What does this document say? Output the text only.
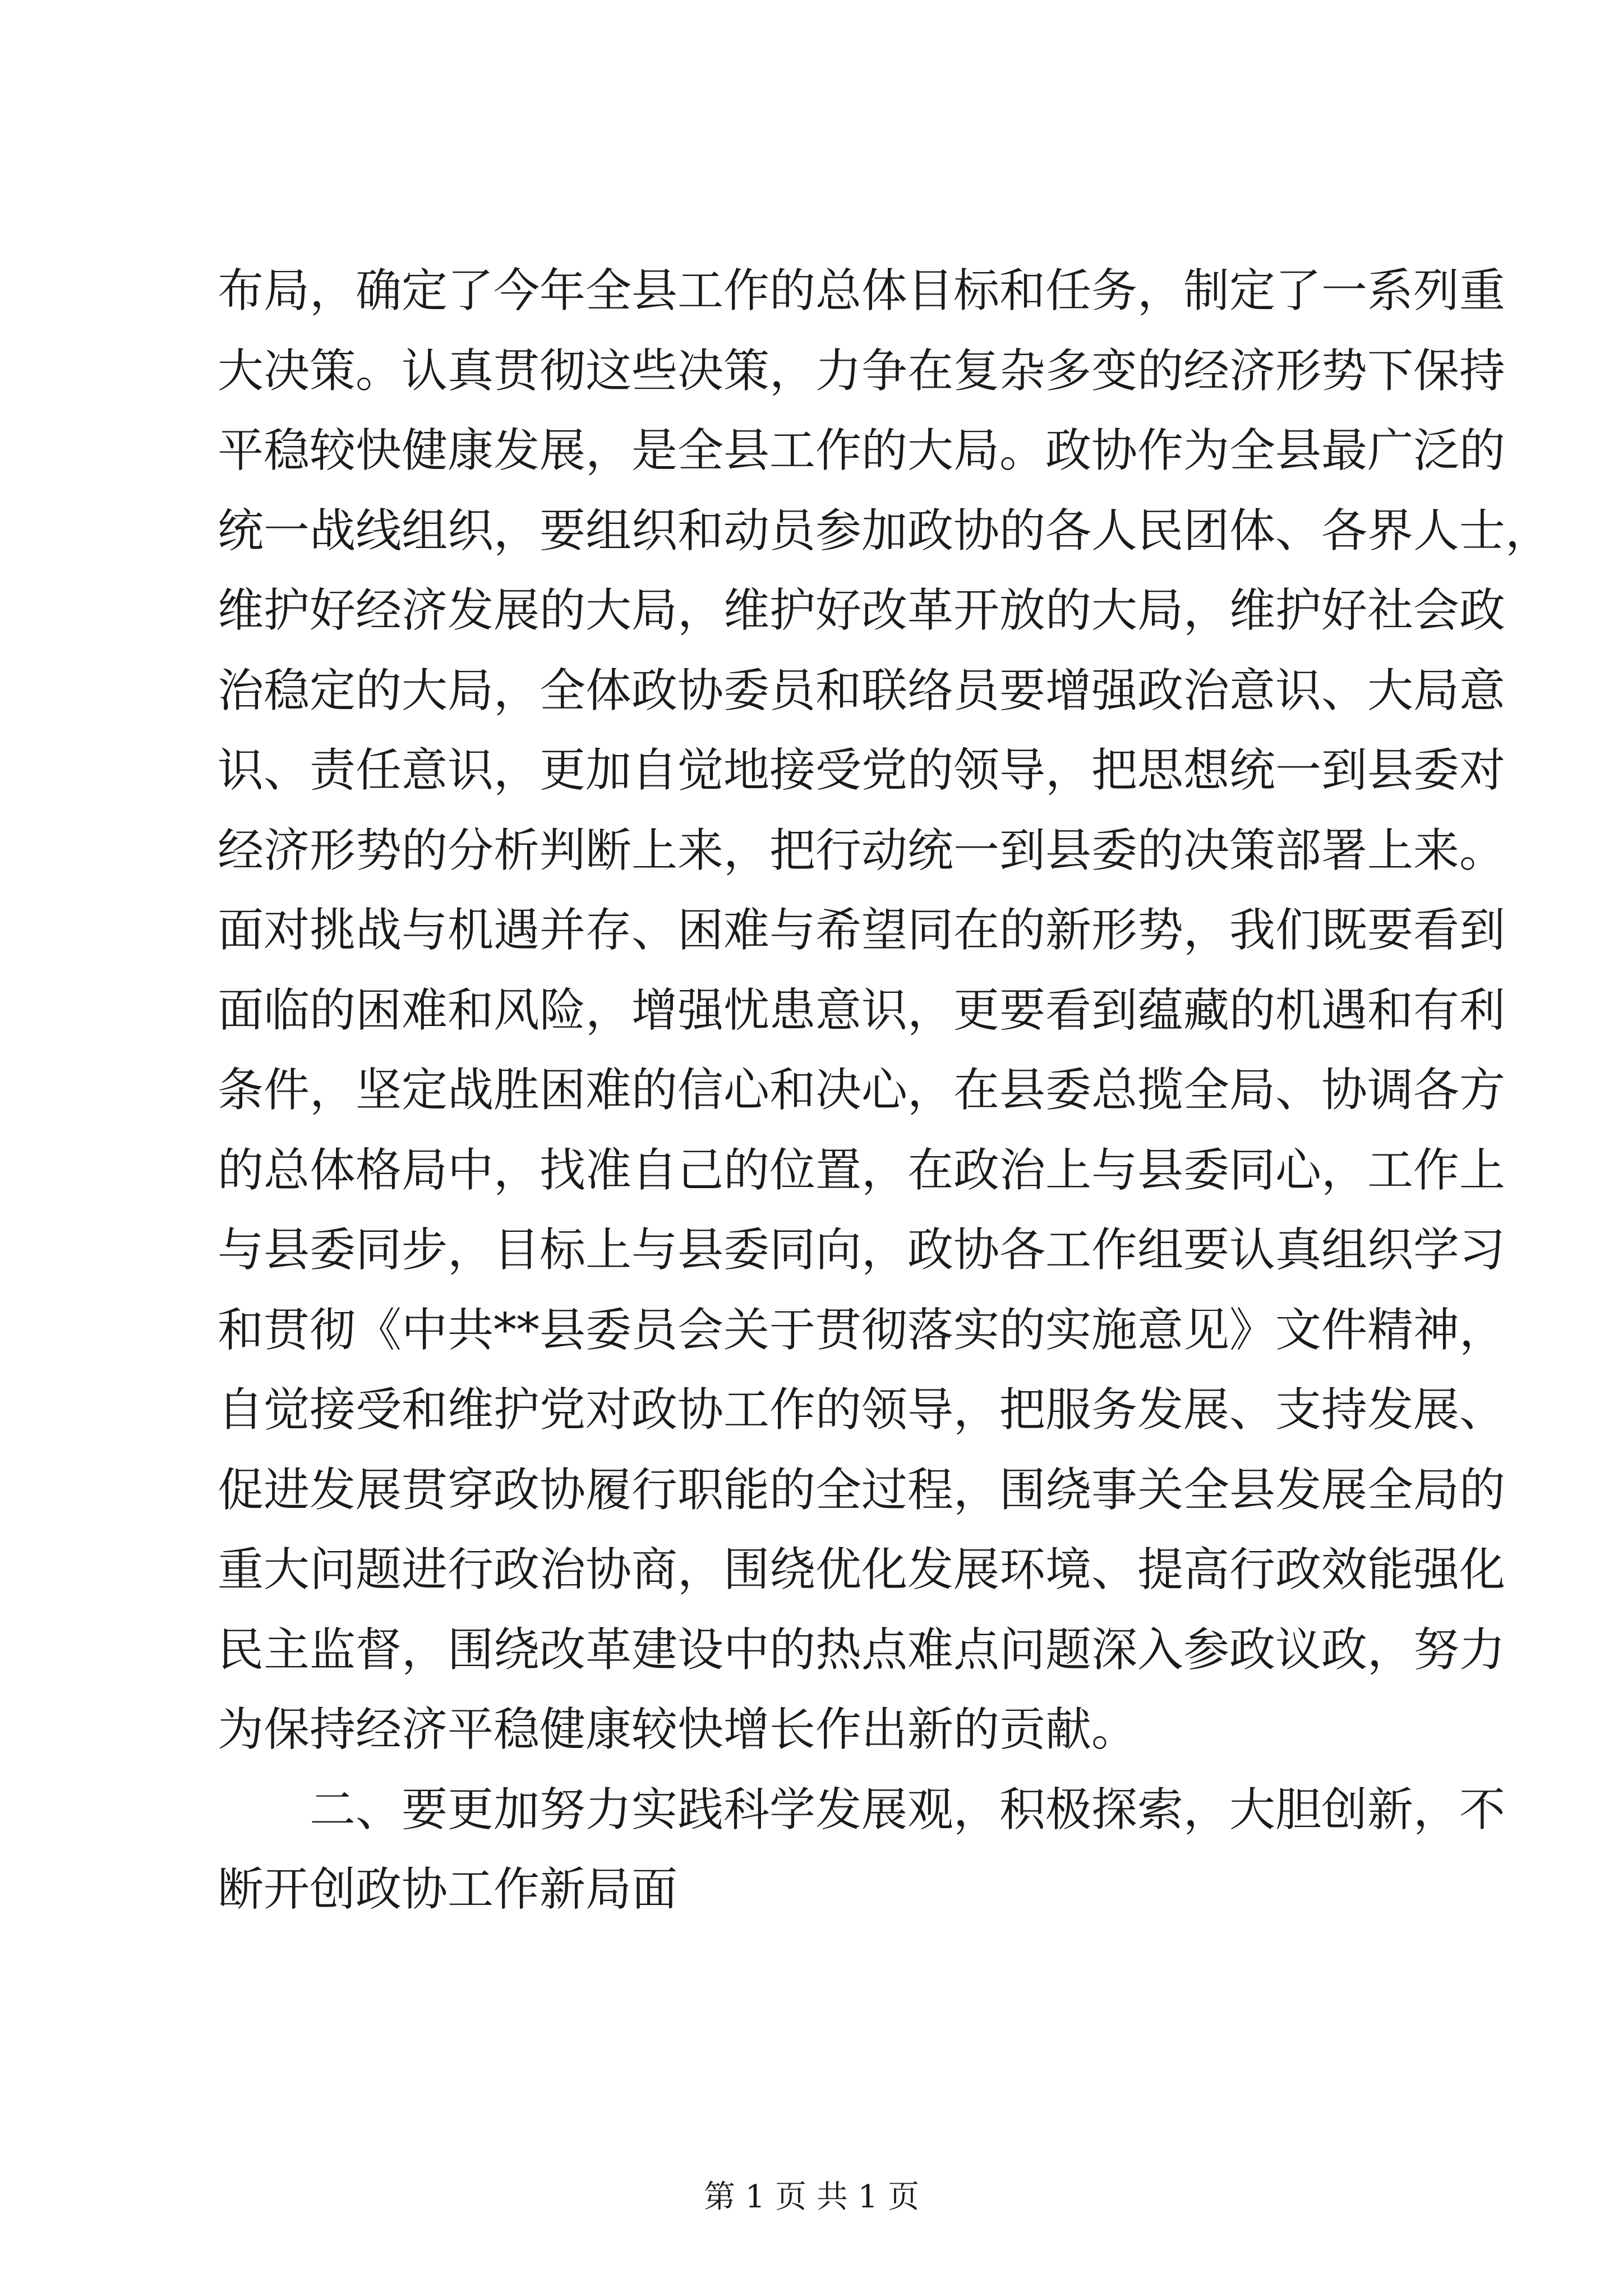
布局，确定了今年全县工作的总体目标和任务，制定了一系列重
大决策。认真贯彻这些决策，力争在复杂多变的经济形势下保持
平稳较快健康发展，是全县工作的大局。政协作为全县最广泛的
统一战线组织，要组织和动员参加政协的各人民团体、各界人士，
维护好经济发展的大局，维护好改革开放的大局，维护好社会政
治稳定的大局，全体政协委员和联络员要增强政治意识、大局意
识、责任意识，更加自觉地接受党的领导，把思想统一到县委对
经济形势的分析判断上来，把行动统一到县委的决策部署上来。
面对挑战与机遇并存、困难与希望同在的新形势，我们既要看到
面临的困难和风险，增强忧患意识，更要看到蕴藏的机遇和有利
条件，坚定战胜困难的信心和决心，在县委总揽全局、协调各方
的总体格局中，找准自己的位置，在政治上与县委同心，工作上
与县委同步，目标上与县委同向，政协各工作组要认真组织学习
和贯彻《中共**县委员会关于贯彻落实的实施意见》文件精神，
自觉接受和维护党对政协工作的领导，把服务发展、支持发展、
促进发展贯穿政协履行职能的全过程，围绕事关全县发展全局的
重大问题进行政治协商，围绕优化发展环境、提高行政效能强化
民主监督，围绕改革建设中的热点难点问题深入参政议政，努力
为保持经济平稳健康较快增长作出新的贡献。
二、要更加努力实践科学发展观，积极探索，大胆创新，不
断开创政协工作新局面
第 1 页 共 1 页
